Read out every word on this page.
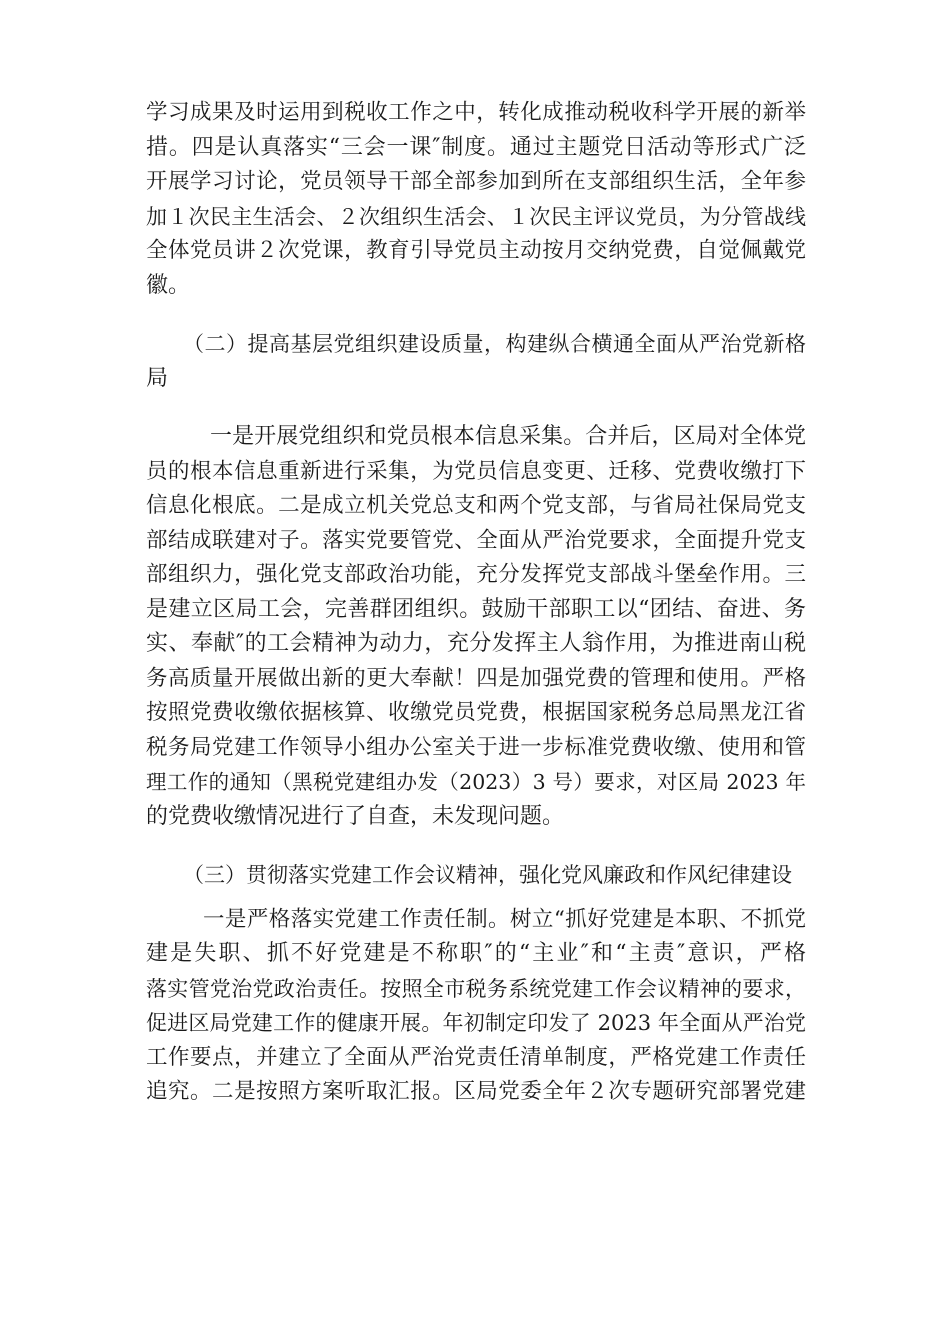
学习成果及时运用到税收工作之中，转化成推动税收科学开展的新举
措。四是认真落实“三会一课″制度。通过主题党日活动等形式广泛
开展学习讨论，党员领导干部全部参加到所在支部组织生活，全年参
加１次民主生活会、２次组织生活会、１次民主评议党员，为分管战线
全体党员讲２次党课，教育引导党员主动按月交纳党费，自觉佩戴党
徽。
（二）提高基层党组织建设质量，构建纵合横通全面从严治党新格
局
一是开展党组织和党员根本信息采集。合并后，区局对全体党
员的根本信息重新进行采集，为党员信息变更、迁移、党费收缴打下
信息化根底。二是成立机关党总支和两个党支部，与省局社保局党支
部结成联建对子。落实党要管党、全面从严治党要求，全面提升党支
部组织力，强化党支部政治功能，充分发挥党支部战斗堡垒作用。三
是建立区局工会，完善群团组织。鼓励干部职工以“团结、奋进、务
实、奉献″的工会精神为动力，充分发挥主人翁作用，为推进南山税
务高质量开展做出新的更大奉献！四是加强党费的管理和使用。严格
按照党费收缴依据核算、收缴党员党费，根据国家税务总局黑龙江省
税务局党建工作领导小组办公室关于进一步标准党费收缴、使用和管
理工作的通知（黑税党建组办发（2023）3 号）要求，对区局 2023 年
的党费收缴情况进行了自查，未发现问题。
（三）贯彻落实党建工作会议精神，强化党风廉政和作风纪律建设
一是严格落实党建工作责任制。树立“抓好党建是本职、不抓党
建是失职、抓不好党建是不称职″的“主业″和“主责″意识，严格
落实管党治党政治责任。按照全市税务系统党建工作会议精神的要求，
促进区局党建工作的健康开展。年初制定印发了 2023 年全面从严治党
工作要点，并建立了全面从严治党责任清单制度，严格党建工作责任
追究。二是按照方案听取汇报。区局党委全年２次专题研究部署党建
